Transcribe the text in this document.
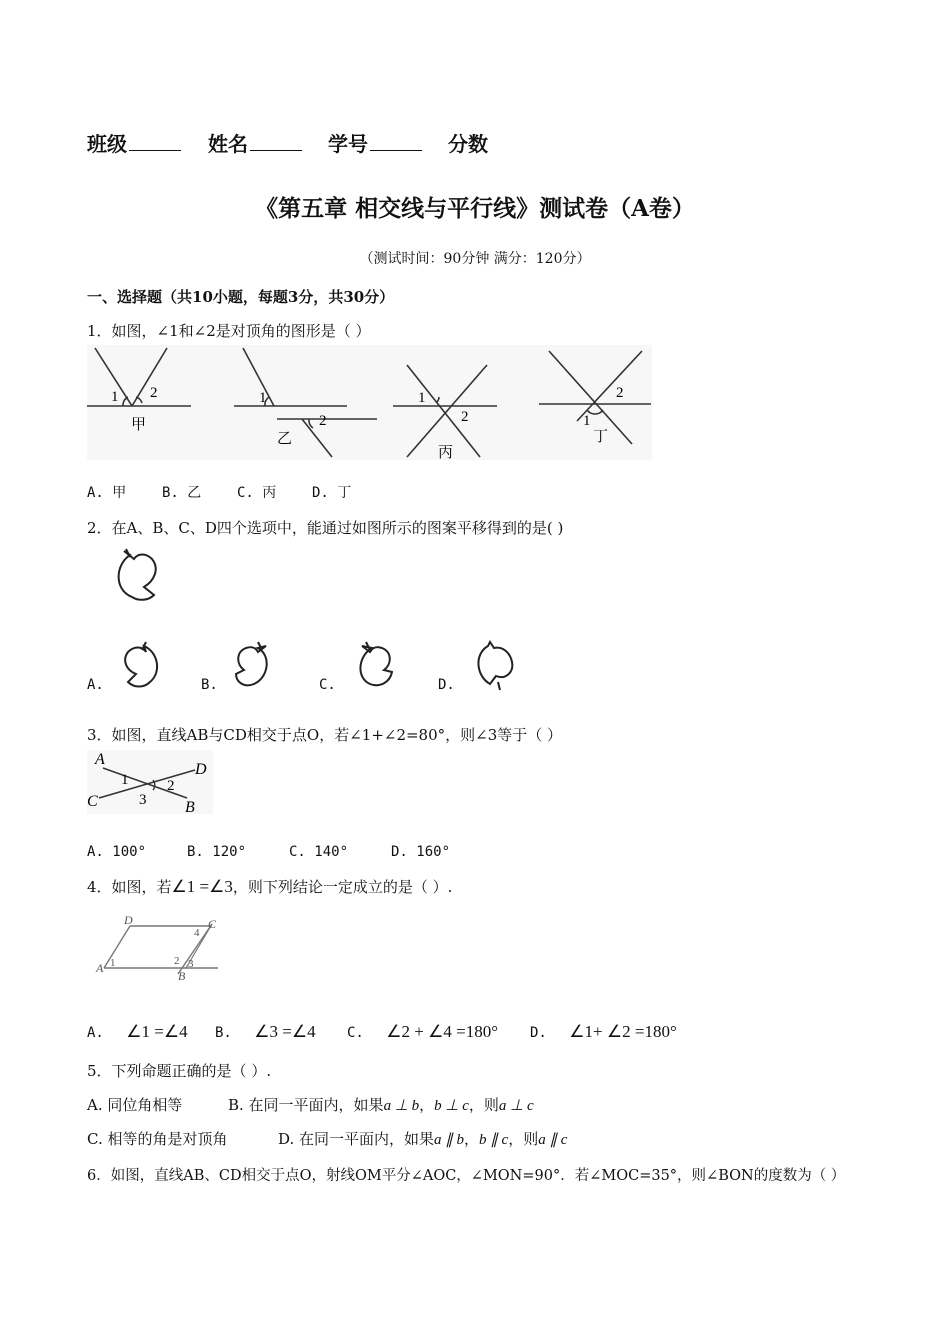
班级	姓名	学号	分数
《第五章 相交线与平行线》测试卷（A卷）
（测试时间：90分钟 满分：120分）
一、选择题（共10小题，每题3分，共30分）
1．如图，∠1和∠2是对顶角的图形是（ ）
1 2
甲
1
2
乙
1
2
丙
1
2
丁
A. 甲	B. 乙	C. 丙	D. 丁
2．在A、B、C、D四个选项中，能通过如图所示的图案平移得到的是( )
A.	B.	C.	D.
3．如图，直线AB与CD相交于点O，若∠1+∠2=80°，则∠3等于（ ）
A
B
C
D
1	2
3
A. 100°	B. 120°	C. 140°	D. 160°
4．如图，若∠1 =∠3，则下列结论一定成立的是（ ）.
D	C
A
B
1	2 3
4
A. ∠1 =∠4 B. ∠3 =∠4 C. ∠2 + ∠4 =180° D. ∠1+ ∠2 =180°
5．下列命题正确的是（ ）.
A. 同位角相等	B. 在同一平面内，如果a ⊥ b，b ⊥ c，则a ⊥ c
C. 相等的角是对顶角	D. 在同一平面内，如果a ∥ b，b ∥ c，则a ∥ c
6．如图，直线AB、CD相交于点O，射线OM平分∠AOC，∠MON=90°．若∠MOC=35°，则∠BON的度数为（ ）
